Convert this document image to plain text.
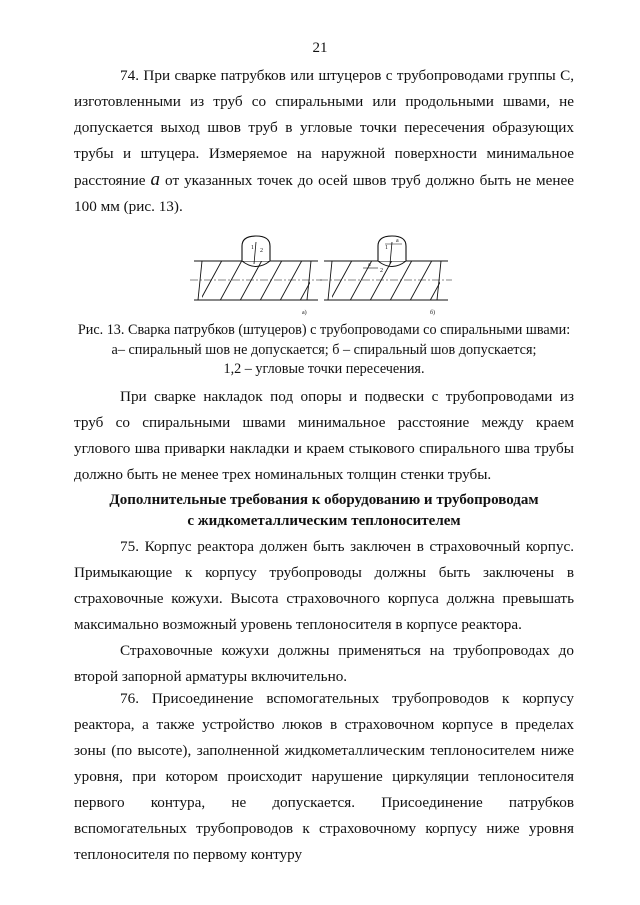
21
74. При сварке патрубков или штуцеров с трубопроводами группы С, изготовленными из труб со спиральными или продольными швами, не допускается выход швов труб в угловые точки пересечения образующих трубы и штуцера. Измеряемое на наружной поверхности минимальное расстояние а от указанных точек до осей швов труб должно быть не менее 100 мм (рис. 13).
1 2
а)
1
2
a
a
б)
Рис. 13. Сварка патрубков (штуцеров) с трубопроводами со спиральными швами:
а– спиральный шов не допускается; б – спиральный шов допускается;
1,2 – угловые точки пересечения.
При сварке накладок под опоры и подвески с трубопроводами из труб со спиральными швами минимальное расстояние между краем углового шва приварки накладки и краем стыкового спирального шва трубы должно быть не менее трех номинальных толщин стенки трубы.
Дополнительные требования к оборудованию и трубопроводам
с жидкометаллическим теплоносителем
75. Корпус реактора должен быть заключен в страховочный корпус. Примыкающие к корпусу трубопроводы должны быть заключены в страховочные кожухи. Высота страховочного корпуса должна превышать максимально возможный уровень теплоносителя в корпусе реактора.
Страховочные кожухи должны применяться на трубопроводах до второй запорной арматуры включительно.
76. Присоединение вспомогательных трубопроводов к корпусу реактора, а также устройство люков в страховочном корпусе в пределах зоны (по высоте), заполненной жидкометаллическим теплоносителем ниже уровня, при котором происходит нарушение циркуляции теплоносителя первого контура, не допускается. Присоединение патрубков вспомогательных трубопроводов к страховочному корпусу ниже уровня теплоносителя по первому контуру
